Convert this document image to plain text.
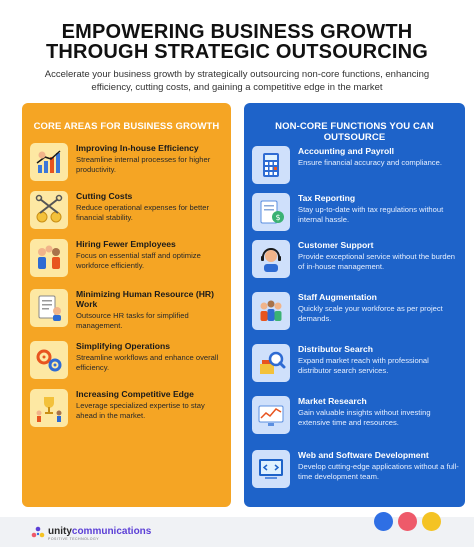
EMPOWERING BUSINESS GROWTH
THROUGH STRATEGIC OUTSOURCING
Accelerate your business growth by strategically outsourcing non-core functions, enhancing efficiency, cutting costs, and gaining a competitive edge in the market
CORE AREAS FOR BUSINESS GROWTH
Improving In-house Efficiency
Streamline internal processes for higher productivity.
Cutting Costs
Reduce operational expenses for better financial stability.
Hiring Fewer Employees
Focus on essential staff and optimize workforce efficiently.
Minimizing Human Resource (HR) Work
Outsource HR tasks for simplified management.
Simplifying Operations
Streamline workflows and enhance overall efficiency.
Increasing Competitive Edge
Leverage specialized expertise to stay ahead in the market.
NON-CORE FUNCTIONS YOU CAN OUTSOURCE
Accounting and Payroll
Ensure financial accuracy and compliance.
$
Tax Reporting
Stay up-to-date with tax regulations without internal hassle.
Customer Support
Provide exceptional service without the burden of in-house management.
Staff Augmentation
Quickly scale your workforce as per project demands.
Distributor Search
Expand market reach with professional distributor search services.
Market Research
Gain valuable insights without investing extensive time and resources.
Web and Software Development
Develop cutting-edge applications without a full-time development team.
unitycommunications
POSITIVE TECHNOLOGY
